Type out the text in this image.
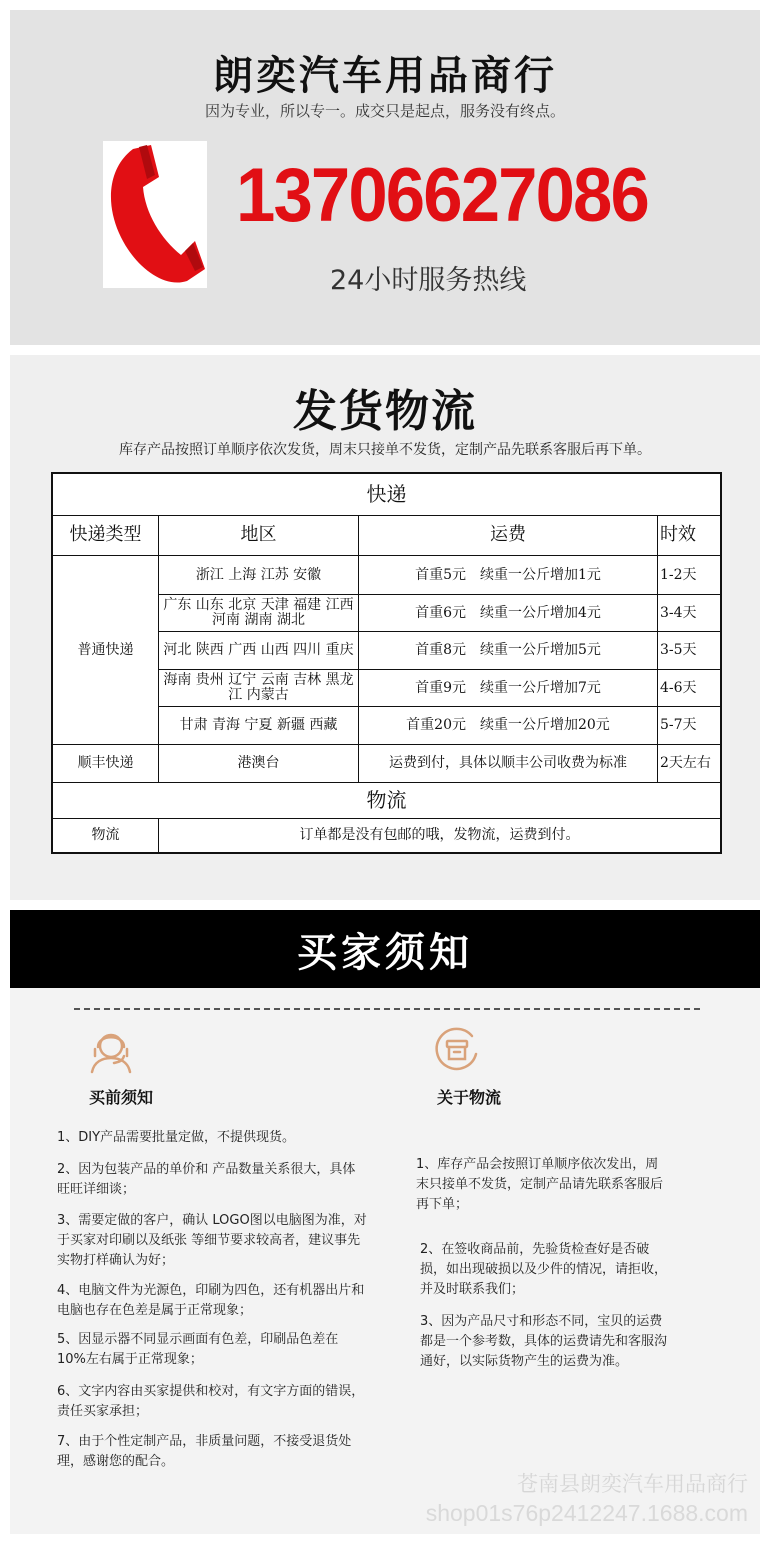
朗奕汽车用品商行
因为专业，所以专一。成交只是起点，服务没有终点。
13706627086
24小时服务热线
发货物流
库存产品按照订单顺序依次发货，周末只接单不发货，定制产品先联系客服后再下单。
快递
快递类型	地区	运费	时效
普通快递
浙江 上海 江苏 安徽	首重5元　续重一公斤增加1元	1-2天
广东 山东 北京 天津 福建 江西 河南 湖南 湖北	首重6元　续重一公斤增加4元	3-4天
河北 陕西 广西 山西 四川 重庆	首重8元　续重一公斤增加5元	3-5天
海南 贵州 辽宁 云南 吉林 黑龙江 内蒙古	首重9元　续重一公斤增加7元	4-6天
甘肃 青海 宁夏 新疆 西藏	首重20元　续重一公斤增加20元	5-7天
顺丰快递	港澳台	运费到付，具体以顺丰公司收费为标准	2天左右
物流
物流	订单都是没有包邮的哦，发物流，运费到付。
买家须知
买前须知
1、DIY产品需要批量定做，不提供现货。
2、因为包装产品的单价和 产品数量关系很大，具体旺旺详细谈；
3、需要定做的客户，确认 LOGO图以电脑图为准，对于买家对印刷以及纸张 等细节要求较高者，建议事先实物打样确认为好；
4、电脑文件为光源色，印刷为四色，还有机器出片和电脑也存在色差是属于正常现象；
5、因显示器不同显示画面有色差，印刷品色差在10%左右属于正常现象；
6、文字内容由买家提供和校对，有文字方面的错误，责任买家承担；
7、由于个性定制产品，非质量问题，不接受退货处理，感谢您的配合。
关于物流
1、库存产品会按照订单顺序依次发出，周末只接单不发货，定制产品请先联系客服后再下单；
2、在签收商品前，先验货检查好是否破损，如出现破损以及少件的情况，请拒收，并及时联系我们；
3、因为产品尺寸和形态不同，宝贝的运费都是一个参考数，具体的运费请先和客服沟通好，以实际货物产生的运费为准。
苍南县朗奕汽车用品商行
shop01s76p2412247.1688.com
